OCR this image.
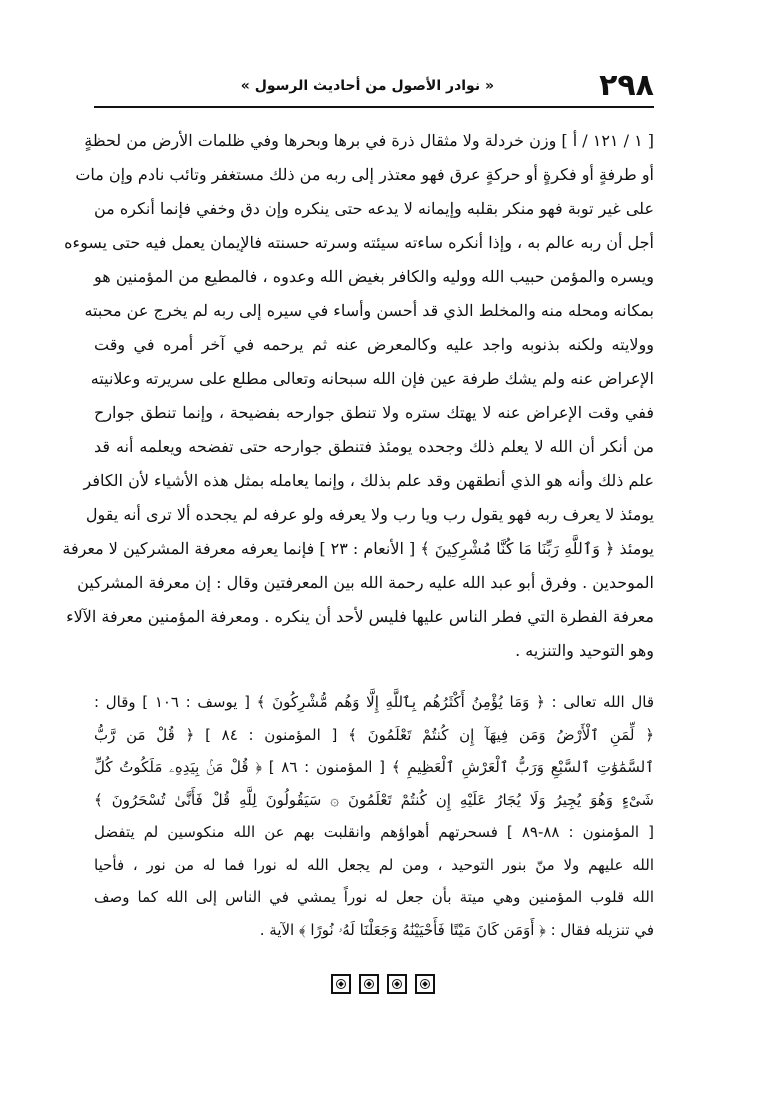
٢٩٨
« نوادر الأصول من أحاديث الرسول »
[ ١ / ١٢١ / أ ] وزن خردلة ولا مثقال ذرة في برها وبحرها وفي ظلمات الأرض من لحظةٍ
أو طرفةٍ أو فكرةٍ أو حركةٍ عرق فهو معتذر إلى ربه من ذلك مستغفر وتائب نادم وإن مات
على غير توبة فهو منكر بقلبه وإيمانه لا يدعه حتى ينكره وإن دق وخفي فإنما أنكره من
أجل أن ربه عالم به ، وإذا أنكره ساءته سيئته وسرته حسنته فالإيمان يعمل فيه حتى يسوءه
ويسره والمؤمن حبيب الله ووليه والكافر بغيض الله وعدوه ، فالمطيع من المؤمنين هو
بمكانه ومحله منه والمخلط الذي قد أحسن وأساء في سيره إلى ربه لم يخرج عن محبته
وولايته ولكنه بذنوبه واجد عليه وكالمعرض عنه ثم يرحمه في آخر أمره في وقت
الإعراض عنه ولم يشك طرفة عين فإن الله سبحانه وتعالى مطلع على سريرته وعلانيته
ففي وقت الإعراض عنه لا يهتك ستره ولا تنطق جوارحه بفضيحة ، وإنما تنطق جوارح
من أنكر أن الله لا يعلم ذلك وجحده يومئذ فتنطق جوارحه حتى تفضحه ويعلمه أنه قد
علم ذلك وأنه هو الذي أنطقهن وقد علم بذلك ، وإنما يعامله بمثل هذه الأشياء لأن الكافر
يومئذ لا يعرف ربه فهو يقول رب ويا رب ولا يعرفه ولو عرفه لم يجحده ألا ترى أنه يقول
يومئذ ﴿ وَٱللَّهِ رَبِّنَا مَا كُنَّا مُشْرِكِينَ ﴾ [ الأنعام : ٢٣ ] فإنما يعرفه معرفة المشركين لا معرفة
الموحدين . وفرق أبو عبد الله عليه رحمة الله بين المعرفتين وقال : إن معرفة المشركين
معرفة الفطرة التي فطر الناس عليها فليس لأحد أن ينكره . ومعرفة المؤمنين معرفة الآلاء
وهو التوحيد والتنزيه .
قال الله تعالى : ﴿ وَمَا يُؤْمِنُ أَكْثَرُهُم بِٱللَّهِ إِلَّا وَهُم مُّشْرِكُونَ ﴾ [ يوسف : ١٠٦ ] وقال :
﴿ لِّمَنِ ٱلْأَرْضُ وَمَن فِيهَآ إِن كُنتُمْ تَعْلَمُونَ ﴾ [ المؤمنون : ٨٤ ] ﴿ قُلْ مَن رَّبُّ
ٱلسَّمَٰوَٰتِ ٱلسَّبْعِ وَرَبُّ ٱلْعَرْشِ ٱلْعَظِيمِ ﴾ [ المؤمنون : ٨٦ ] ﴿ قُلْ مَنۢ بِيَدِهِۦ مَلَكُوتُ كُلِّ
شَىْءٍ وَهُوَ يُجِيرُ وَلَا يُجَارُ عَلَيْهِ إِن كُنتُمْ تَعْلَمُونَ ۞ سَيَقُولُونَ لِلَّهِ قُلْ فَأَنَّىٰ تُسْحَرُونَ ﴾
[ المؤمنون : ٨٨-٨٩ ] فسحرتهم أهواؤهم وانقلبت بهم عن الله منكوسين لم يتفضل
الله عليهم ولا منّ بنور التوحيد ، ومن لم يجعل الله له نورا فما له من نور ، فأحيا
الله قلوب المؤمنين وهي ميتة بأن جعل له نوراً يمشي في الناس إلى الله كما وصف
في تنزيله فقال : ﴿ أَوَمَن كَانَ مَيْتًا فَأَحْيَيْنَٰهُ وَجَعَلْنَا لَهُۥ نُورًا ﴾ الآية .
